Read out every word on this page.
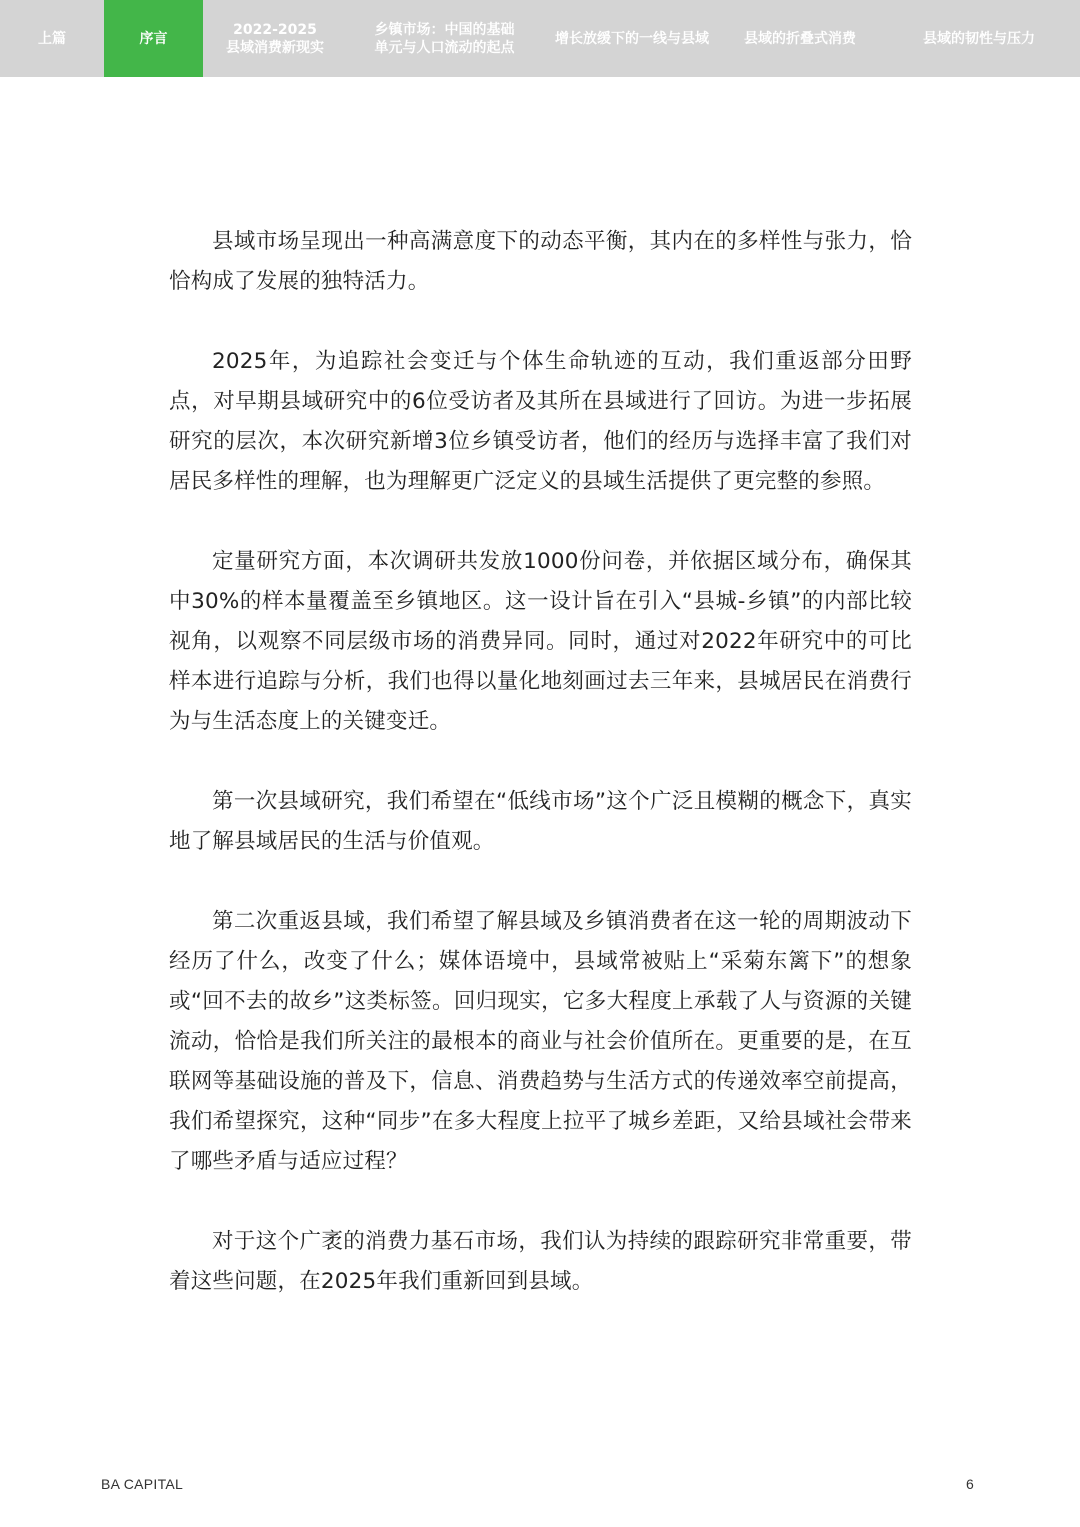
上篇	序言
2022-2025
县域消费新现实
乡镇市场：中国的基础
单元与人口流动的起点
增长放缓下的一线与县域	县域的折叠式消费	县域的韧性与压力

县域市场呈现出一种高满意度下的动态平衡，其内在的多样性与张力，恰恰构成了发展的独特活力。

2025年，为追踪社会变迁与个体生命轨迹的互动，我们重返部分田野点，对早期县域研究中的6位受访者及其所在县域进行了回访。为进一步拓展研究的层次，本次研究新增3位乡镇受访者，他们的经历与选择丰富了我们对居民多样性的理解，也为理解更广泛定义的县域生活提供了更完整的参照。

定量研究方面，本次调研共发放1000份问卷，并依据区域分布，确保其中30%的样本量覆盖至乡镇地区。这一设计旨在引入“县城-乡镇”的内部比较视角，以观察不同层级市场的消费异同。同时，通过对2022年研究中的可比样本进行追踪与分析，我们也得以量化地刻画过去三年来，县城居民在消费行为与生活态度上的关键变迁。

第一次县域研究，我们希望在“低线市场”这个广泛且模糊的概念下，真实地了解县域居民的生活与价值观。

第二次重返县域，我们希望了解县域及乡镇消费者在这一轮的周期波动下经历了什么，改变了什么；媒体语境中，县域常被贴上“采菊东篱下”的想象或“回不去的故乡”这类标签。回归现实，它多大程度上承载了人与资源的关键流动，恰恰是我们所关注的最根本的商业与社会价值所在。更重要的是，在互联网等基础设施的普及下，信息、消费趋势与生活方式的传递效率空前提高，我们希望探究，这种“同步”在多大程度上拉平了城乡差距，又给县域社会带来了哪些矛盾与适应过程？

对于这个广袤的消费力基石市场，我们认为持续的跟踪研究非常重要，带着这些问题，在2025年我们重新回到县域。

BA CAPITAL	6
